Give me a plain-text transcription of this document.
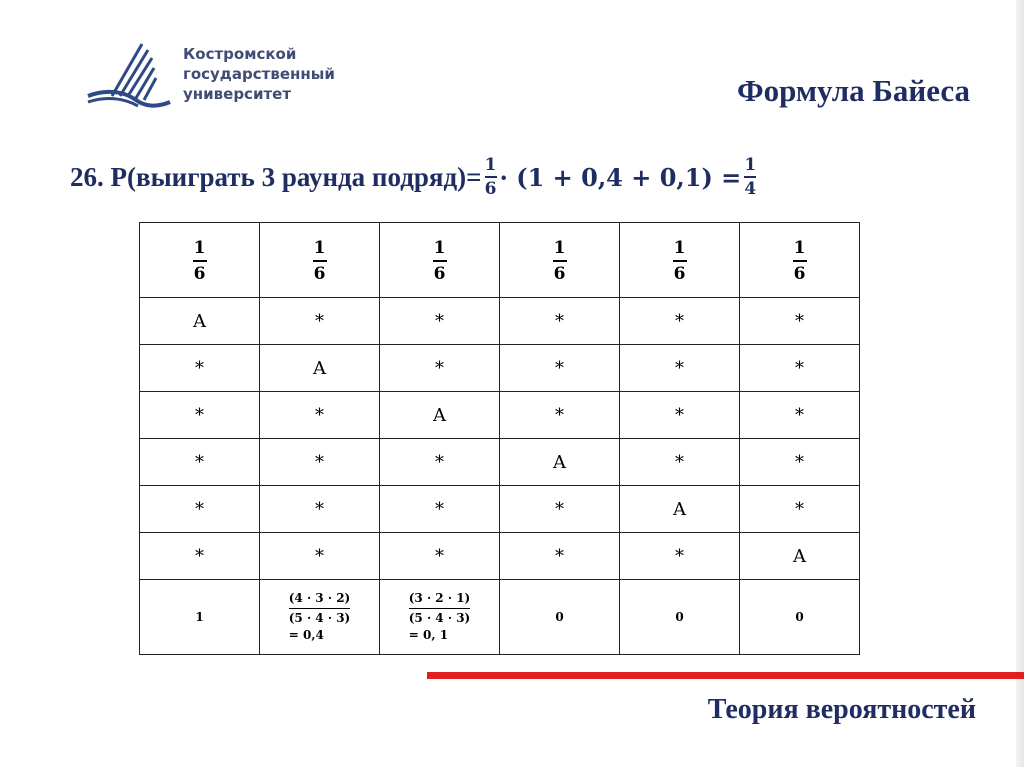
Костромской
государственный
университет	Формула Байеса
26. P(выиграть 3 раунда подряд)= $\frac{1}{6} \cdot (1 + 0,4 + 0,1) = \frac{1}{4}$
$\frac{1}{6}$	$\frac{1}{6}$	$\frac{1}{6}$	$\frac{1}{6}$	$\frac{1}{6}$	$\frac{1}{6}$

A	*	*	*	*	*
*	A	*	*	*	*
*	*	A	*	*	*
*	*	*	A	*	*
*	*	*	*	A	*
*	*	*	*	*	A
1	(4 · 3 · 2)
(5 · 4 · 3)
= 0,4	(3 · 2 · 1)
(5 · 4 · 3)
= 0, 1	0	0	0
Теория вероятностей
